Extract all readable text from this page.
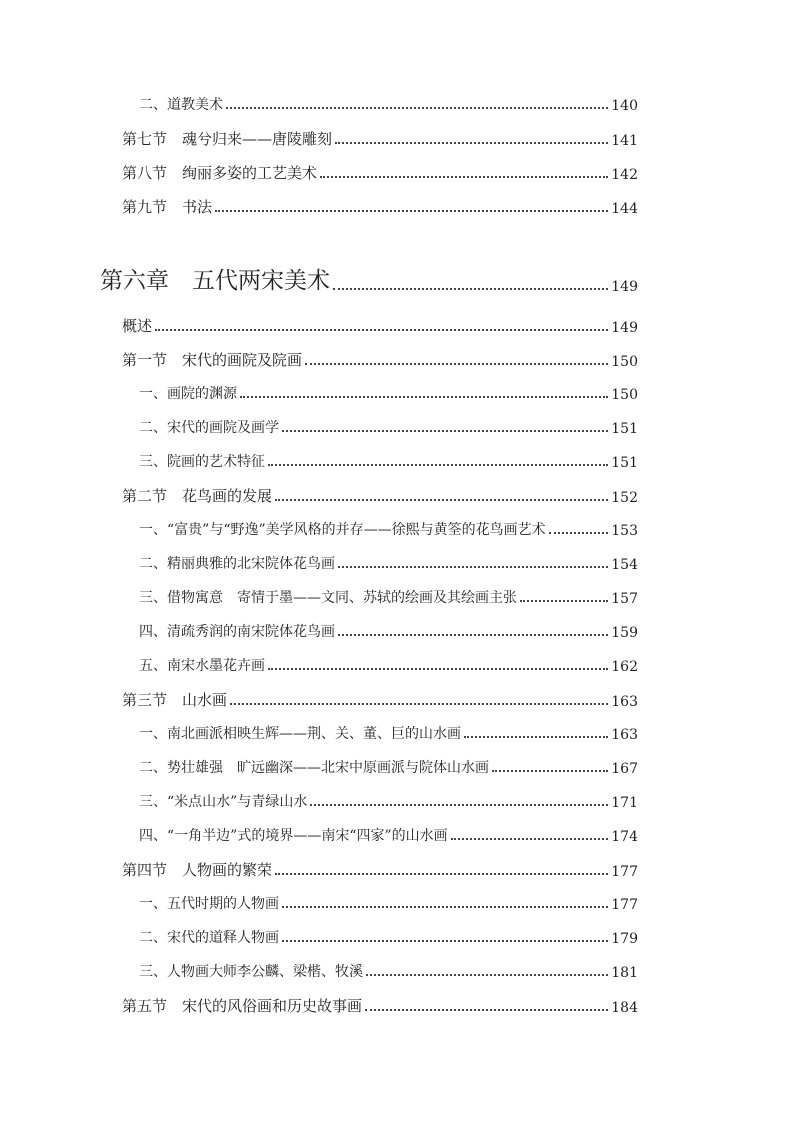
二、道教美术	140
第七节　魂兮归来——唐陵雕刻	141
第八节　绚丽多姿的工艺美术	142
第九节　书法	144
第六章　五代两宋美术	149
概述	149
第一节　宋代的画院及院画	150
一、画院的渊源	150
二、宋代的画院及画学	151
三、院画的艺术特征	151
第二节　花鸟画的发展	152
一、“富贵”与“野逸”美学风格的并存——徐熙与黄筌的花鸟画艺术	153
二、精丽典雅的北宋院体花鸟画	154
三、借物寓意　寄情于墨——文同、苏轼的绘画及其绘画主张	157
四、清疏秀润的南宋院体花鸟画	159
五、南宋水墨花卉画	162
第三节　山水画	163
一、南北画派相映生辉——荆、关、董、巨的山水画	163
二、势壮雄强　旷远幽深——北宋中原画派与院体山水画	167
三、“米点山水”与青绿山水	171
四、“一角半边”式的境界——南宋“四家”的山水画	174
第四节　人物画的繁荣	177
一、五代时期的人物画	177
二、宋代的道释人物画	179
三、人物画大师李公麟、梁楷、牧溪	181
第五节　宋代的风俗画和历史故事画	184
